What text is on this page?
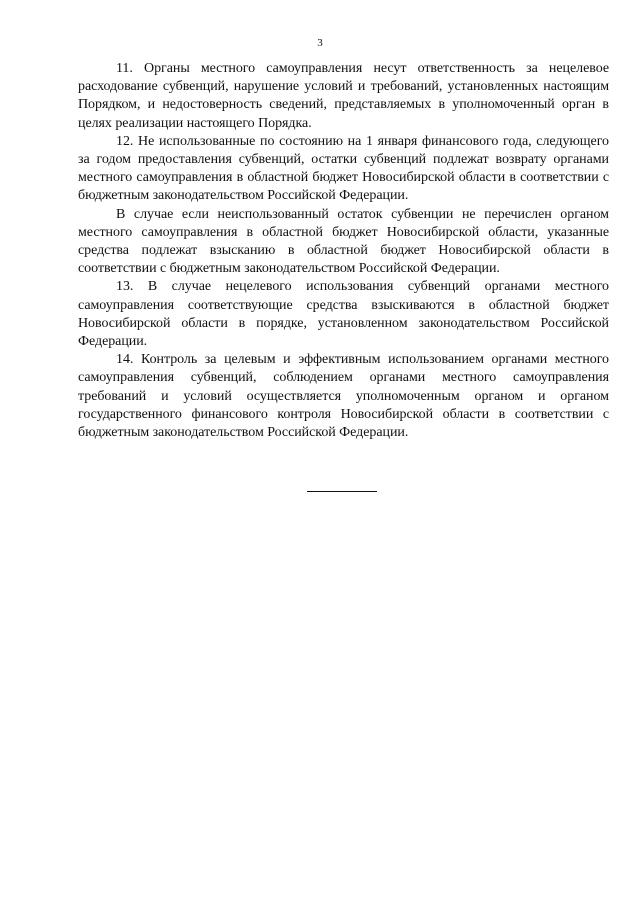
3

11. Органы местного самоуправления несут ответственность за нецелевое расходование субвенций, нарушение условий и требований, установленных настоящим Порядком, и недостоверность сведений, представляемых в уполномоченный орган в целях реализации настоящего Порядка.

12. Не использованные по состоянию на 1 января финансового года, следующего за годом предоставления субвенций, остатки субвенций подлежат возврату органами местного самоуправления в областной бюджет Новосибирской области в соответствии с бюджетным законодательством Российской Федерации.

В случае если неиспользованный остаток субвенции не перечислен органом местного самоуправления в областной бюджет Новосибирской области, указанные средства подлежат взысканию в областной бюджет Новосибирской области в соответствии с бюджетным законодательством Российской Федерации.

13. В случае нецелевого использования субвенций органами местного самоуправления соответствующие средства взыскиваются в областной бюджет Новосибирской области в порядке, установленном законодательством Российской Федерации.

14. Контроль за целевым и эффективным использованием органами местного самоуправления субвенций, соблюдением органами местного самоуправления требований и условий осуществляется уполномоченным органом и органом государственного финансового контроля Новосибирской области в соответствии с бюджетным законодательством Российской Федерации.
